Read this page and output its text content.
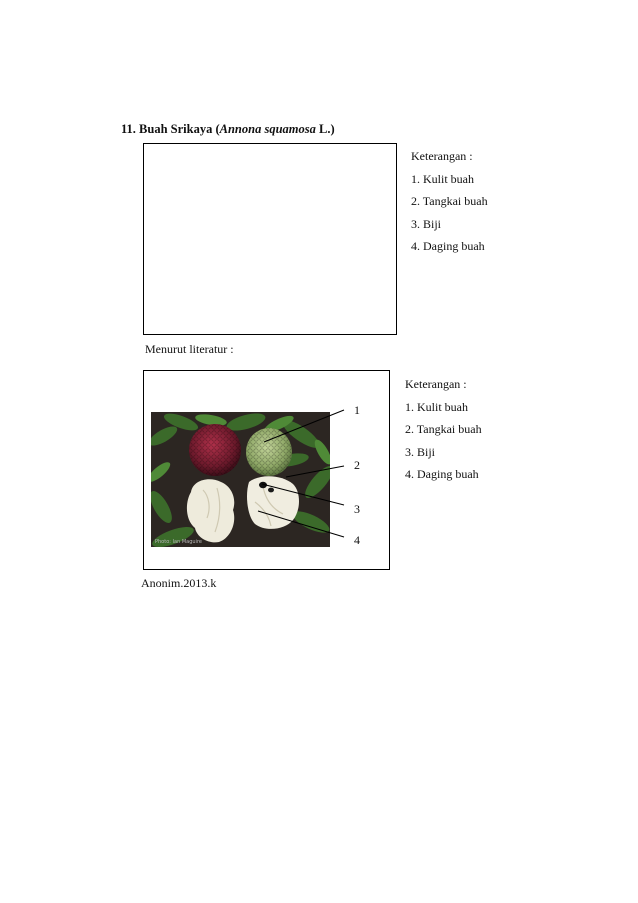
11. Buah Srikaya (Annona squamosa L.)
Keterangan :
1. Kulit buah
2. Tangkai buah
3. Biji
4. Daging buah
Menurut literatur :
Photo: Ian Maguire
1
2
3
4
Keterangan :
1. Kulit buah
2. Tangkai buah
3. Biji
4. Daging buah
Anonim.2013.k
